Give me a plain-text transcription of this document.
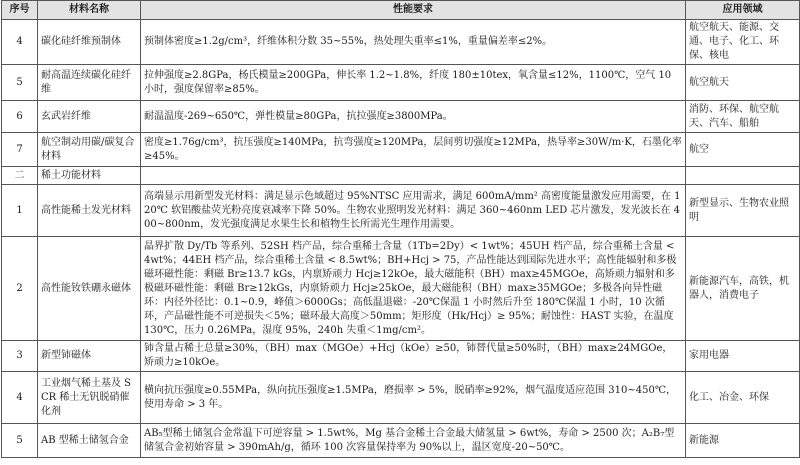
序号	材料名称	性能要求	应用领域
4	碳化硅纤维预制体	预制体密度≥1.2g/cm³，纤维体积分数 35~55%，热处理失重率≤1%，重量偏差率≤2%。	航空航天、能源、交通、电子、化工、环保、核电
5	耐高温连续碳化硅纤维	拉伸强度≥2.8GPa，杨氏模量≥200GPa，伸长率 1.2~1.8%，纤度 180±10tex，氧含量≤12%，1100℃，空气 10 小时，强度保留率≥85%。	航空航天
6	玄武岩纤维	耐温温度-269~650℃，弹性模量≥80GPa，抗拉强度≥3800MPa。	消防、环保、航空航天、汽车、船舶
7	航空制动用碳/碳复合材料	密度≥1.76g/cm³，抗压强度≥140MPa，抗弯强度≥120MPa，层间剪切强度≥12MPa，热导率≥30W/m·K，石墨化率≥45%。	航空
二	稀土功能材料		
1	高性能稀土发光材料	高端显示用新型发光材料：满足显示色域超过 95%NTSC 应用需求，满足 600mA/mm² 高密度能量激发应用需要，在 120℃ 软铝酸盐荧光粉亮度衰减率下降 50%。生物农业照明发光材料：满足 360~460nm LED 芯片激发，发光波长在 400~800nm，发光强度满足水果生长和植物生长所需光生理作用需要。	新型显示、生物农业照明
2	高性能钕铁硼永磁体	晶界扩散 Dy/Tb 等系列、52SH 档产品，综合重稀土含量（1Tb=2Dy）< 1wt%；45UH 档产品，综合重稀土含量 < 4wt%；44EH 档产品，综合重稀土含量 < 8.5wt%；BH+Hcj > 75，产品性能达到国际先进水平；高性能辐射和多极磁环磁性能：剩磁 Br≥13.7 kGs，内禀矫顽力 Hcj≥12kOe，最大磁能积（BH）max≥45MGOe，高矫顽力辐射和多极磁环磁性能：剩磁 Br≥12kGs，内禀矫顽力 Hcj≥25kOe，最大磁能积（BH）max≥35MGOe；多极各向异性磁环：内径外径比：0.1~0.9，峰值＞6000Gs；高低温退磁：-20℃保温 1 小时然后升至 180℃保温 1 小时，10 次循环，产品磁性能不可逆损失＜5%；磁环最大高度＞50mm；矩形度（Hk/Hcj）≥ 95%；耐蚀性：HAST 实验，在温度 130℃，压力 0.26MPa，湿度 95%，240h 失重＜1mg/cm²。	新能源汽车，高铁，机器人，消费电子
3	新型铈磁体	铈含量占稀土总量≥30%，（BH）max（MGOe）+Hcj（kOe）≥50，铈替代量≥50%时，（BH）max≥24MGOe，矫顽力≥10kOe。	家用电器
4	工业烟气稀土基及 SCR 稀土无钒脱硝催化剂	横向抗压强度≥0.55MPa，纵向抗压强度≥1.5MPa，磨损率 > 5%，脱硝率≥92%，烟气温度适应范围 310~450℃，使用寿命 > 3 年。	化工、冶金、环保
5	AB 型稀土储氢合金	AB₅型稀土储氢合金常温下可逆容量 > 1.5wt%，Mg 基合金稀土合金最大储氢量 > 6wt%，寿命 > 2500 次；A₂B₇型储氢合金初始容量 > 390mAh/g，循环 100 次容量保持率为 90%以上，温区宽度-20~50℃。	新能源
